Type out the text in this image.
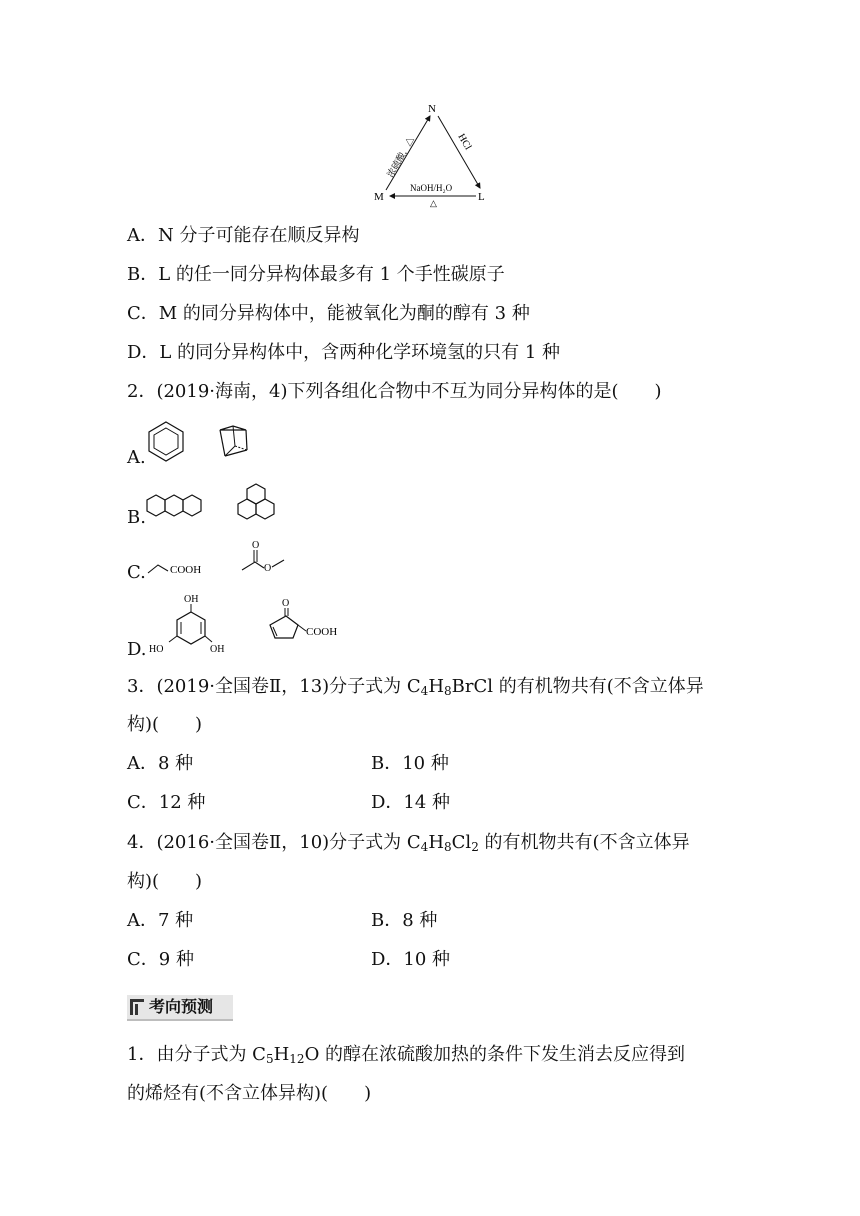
N
M	L
浓硫酸，△	HCl
NaOH/H₂O
△
A．N 分子可能存在顺反异构
B．L 的任一同分异构体最多有 1 个手性碳原子
C．M 的同分异构体中，能被氧化为酮的醇有 3 种
D．L 的同分异构体中，含两种化学环境氢的只有 1 种
2．(2019·海南，4)下列各组化合物中不互为同分异构体的是(　　)
A.
B.
C. COOH
O
O
D.
OH
HO	OH
O
COOH
3．(2019·全国卷Ⅱ，13)分子式为 $C_4H_8BrCl$ 的有机物共有(不含立体异
构)(　　)
A．8 种	B．10 种
C．12 种	D．14 种
4．(2016·全国卷Ⅱ，10)分子式为 $C_4H_8Cl_2$ 的有机物共有(不含立体异
构)(　　)
A．7 种	B．8 种
C．9 种	D．10 种
考向预测
1．由分子式为 $C_5H_{12}O$ 的醇在浓硫酸加热的条件下发生消去反应得到
的烯烃有(不含立体异构)(　　)
